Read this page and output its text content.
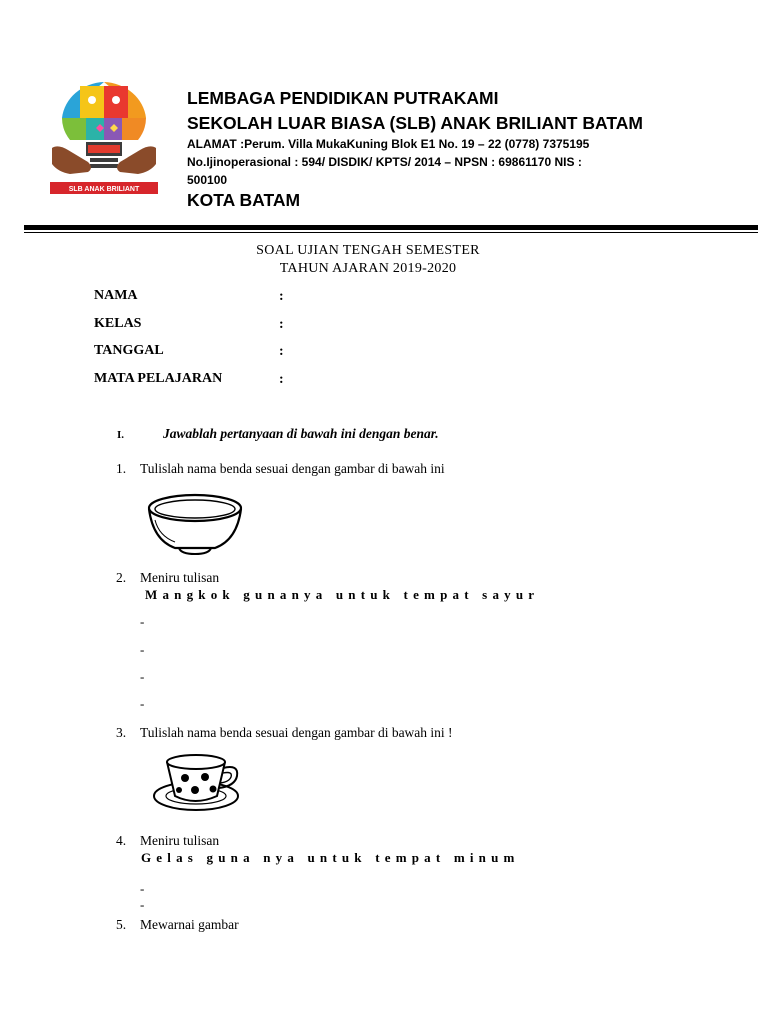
SLB ANAK BRILIANT
LEMBAGA PENDIDIKAN PUTRAKAMI
SEKOLAH LUAR BIASA (SLB) ANAK BRILIANT BATAM
ALAMAT :Perum. Villa MukaKuning Blok E1 No. 19 – 22 (0778) 7375195
No.Ijinoperasional : 594/ DISDIK/ KPTS/ 2014 – NPSN : 69861170 NIS :
500100
KOTA BATAM
SOAL UJIAN TENGAH SEMESTER
TAHUN AJARAN 2019-2020
NAMA	:
KELAS	:
TANGGAL	:
MATA PELAJARAN	:
I.	Jawablah pertanyaan di bawah ini dengan benar.
1. Tulislah nama benda sesuai dengan gambar di bawah ini
2. Meniru tulisan
Mangkok gunanya untuk tempat sayur
-
-
-
-
3. Tulislah nama benda sesuai dengan gambar di bawah ini !
4. Meniru tulisan
Gelas guna nya untuk tempat minum
-
-
5. Mewarnai gambar
